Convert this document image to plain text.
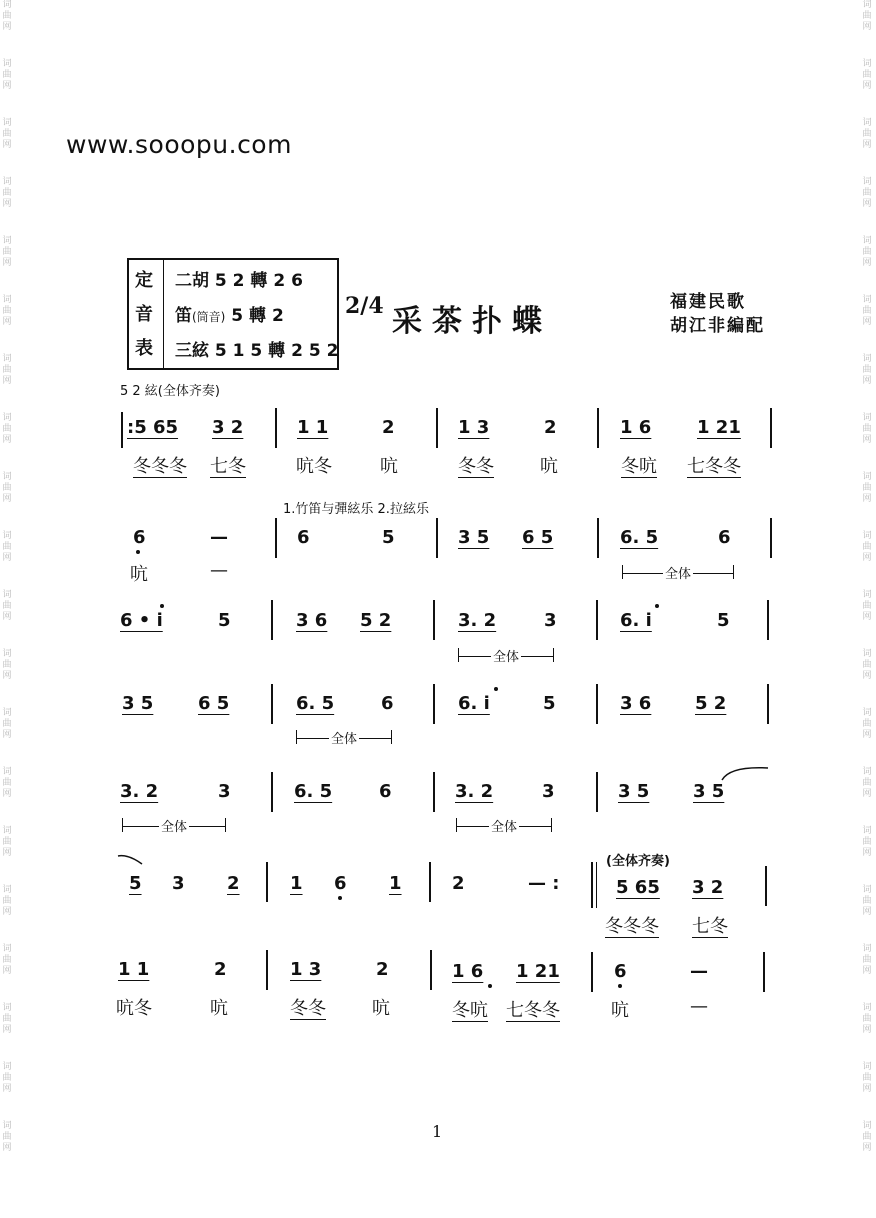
词
曲
网
词
曲
网
词
曲
网
词
曲
网
词
曲
网
词
曲
网
词
曲
网
词
曲
网
词
曲
网
词
曲
网
词
曲
网
词
曲
网
词
曲
网
词
曲
网
词
曲
网
词
曲
网
词
曲
网
词
曲
网
词
曲
网
词
曲
网
词
曲
网
词
曲
网
词
曲
网
词
曲
网
词
曲
网
词
曲
网
词
曲
网
词
曲
网
词
曲
网
词
曲
网
词
曲
网
词
曲
网
词
曲
网
词
曲
网
词
曲
网
词
曲
网
词
曲
网
词
曲
网
词
曲
网
词
曲
网
www.sooopu.com
定
音
表
二胡 5 2 轉 2 6
笛(筒音) 5 轉 2
三絃 5 1 5 轉 2 5 2
2/4 采茶扑蝶
福建民歌
胡江非編配
5 2 絃(全体齐奏)
:5 65 3 2	1 1	2	1 3	2	1 6	1 21
冬冬冬 七冬	吭冬	吭	冬冬	吭	冬吭 七冬冬
1.竹笛与彈絃乐 2.拉絃乐
6	—	6	5	3 5 6 5	6. 5	6
吭	—	全体
6 • i	5	3 6 5 2	3. 2	3	6. i	5
全体
3 5 6 5	6. 5	6	6. i	5	3 6 5 2
全体
3. 2	3	6. 5	6	3. 2	3	3 5 3 5
全体	全体
5 3 2	1 6 1	2	— :
(全体齐奏)
5 65 3 2
冬冬冬 七冬
1 1	2	1 3	2	1 6 1 21	6	—
吭冬	吭	冬冬	吭	冬吭 七冬冬	吭	—
1
